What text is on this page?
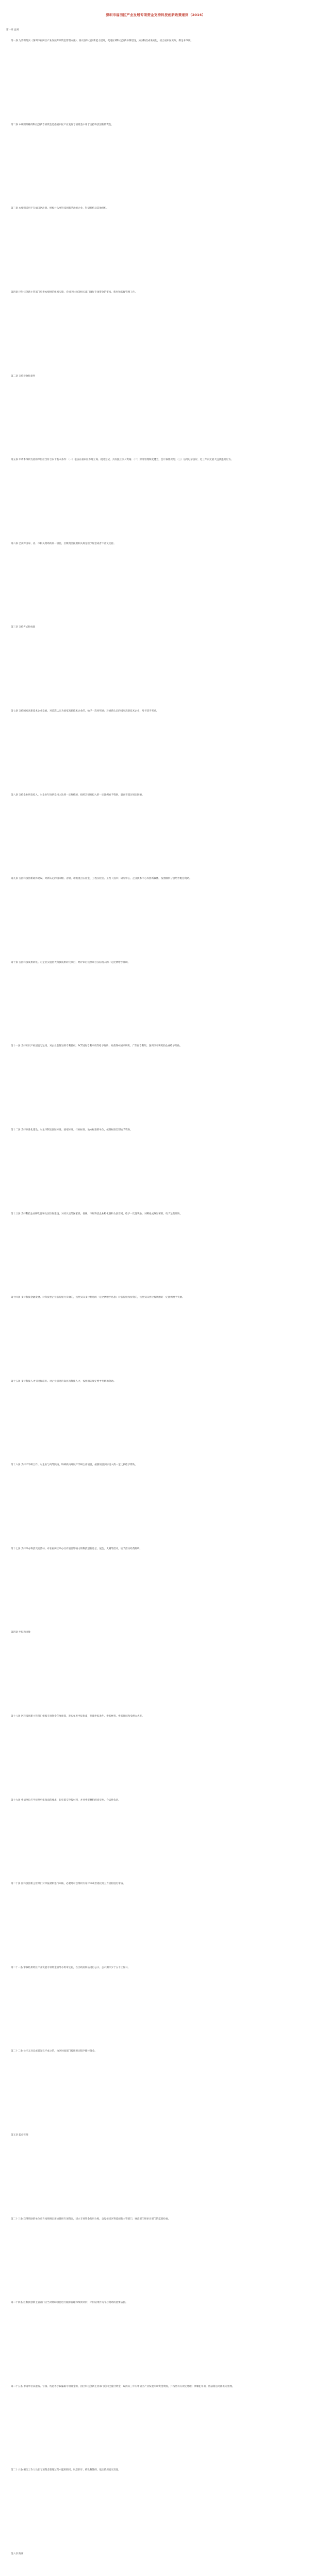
深圳市福田区产业发展专项资金支持科技创新政策细则（2016）

第一章 总则

第一条 为贯彻落实《深圳市福田区产业发展专项资金管理办法》，推动区科技创新能力提升，促进区域科技创新体系建设，加快科技成果转化，结合福田区实际，制定本细则。

第二条 本细则所称的科技创新专项资金是指福田区产业发展专项资金中用于支持科技创新的资金。

第三条 本细则适用于在福田区注册、纳税并从事科技创新活动的企业、科研机构及其他组织。

第四条 区科技创新主管部门负责本细则的组织实施，会同区财政等相关部门做好专项资金的审核、拨付和监督管理工作。

第二章 支持对象和条件

第五条 申请本细则支持的单位应当符合以下基本条件：（一）依法在福田区办理工商、税务登记，具有独立法人资格；（二）财务管理制度健全，会计核算规范；（三）信用记录良好，近三年内无重大违法违规行为。

第六条 已获得国家、省、市相关资助的同一项目，区级资金按照相关规定给予配套或者不重复支持。

第三章 支持方式和标准

第七条 支持国家高新技术企业发展。对首次认定为国家高新技术企业的，给予一次性奖励；对重新认定的国家高新技术企业，给予适当奖励。

第八条 支持企业研发投入。对企业年度研发投入达到一定规模的，按照其研发投入的一定比例给予资助，最高不超过规定限额。

第九条 支持科技创新载体建设。对新认定的国家级、省级、市级重点实验室、工程实验室、工程（技术）研究中心、企业技术中心等创新载体，按照级别分别给予配套资助。

第十条 支持科技成果转化。对企业实施重大科技成果转化项目，经评审后按照项目实际投入的一定比例给予资助。

第十一条 支持知识产权创造与运用。对企业获得发明专利授权、PCT国际专利申请等给予资助；对获得中国专利奖、广东省专利奖、深圳市专利奖的企业给予奖励。

第十二条 支持标准化建设。对主导制定国际标准、国家标准、行业标准、地方标准的单位，按照标准类别给予资助。

第十三条 支持科技企业孵化器和众创空间建设。对经认定的国家级、省级、市级科技企业孵化器和众创空间，给予一次性奖励；对孵化成效显著的，给予运营资助。

第十四条 支持科技金融发展。对科技型企业获得银行贷款的，按照实际支付利息的一定比例给予贴息；对获得股权投资的，按照实际到位投资额的一定比例给予奖励。

第十五条 支持科技人才引进和培养。对企业引进的高层次科技人才，按照相关规定给予奖励和资助。

第十六条 支持产学研合作。对企业与高等院校、科研机构开展产学研合作项目，按照项目实际投入的一定比例给予资助。

第十七条 支持举办科技交流活动。对在福田区举办具有重要影响力的科技创新论坛、展会、大赛等活动，给予活动经费资助。

第四章 申报和审批

第十八条 区科技创新主管部门根据专项资金年度预算，发布年度申报指南，明确申报条件、申报材料、申报时间和受理方式等。

第十九条 申请单位应当按照申报指南的要求，如实提交申报材料，并对申报材料的真实性、合法性负责。

第二十条 区科技创新主管部门对申报材料进行审核，必要时可以组织专家评审或者委托第三方机构进行审核。

第二十一条 审核结果经区产业发展专项资金领导小组审定后，在区政府网站进行公示，公示期不少于五个工作日。

第二十二条 公示无异议或者异议不成立的，由区财政部门按照规定程序拨付资金。

第五章 监督管理

第二十三条 获得资助的单位应当按照规定用途使用专项资金，建立专项资金使用台账，自觉接受区科技创新主管部门、财政部门和审计部门的监督检查。

第二十四条 区科技创新主管部门应当对资助项目进行跟踪管理和绩效评价，评价结果作为今后资助的重要依据。

第二十五条 申请单位以虚报、冒领、伪造等手段骗取专项资金的，由区科技创新主管部门追回已拨付资金，取消其三年内申请区产业发展专项资金资格，并按照有关规定处理；涉嫌犯罪的，依法移送司法机关处理。

第二十六条 相关工作人员在专项资金管理过程中滥用职权、玩忽职守、徇私舞弊的，依法依规追究责任。

第六章 附则
